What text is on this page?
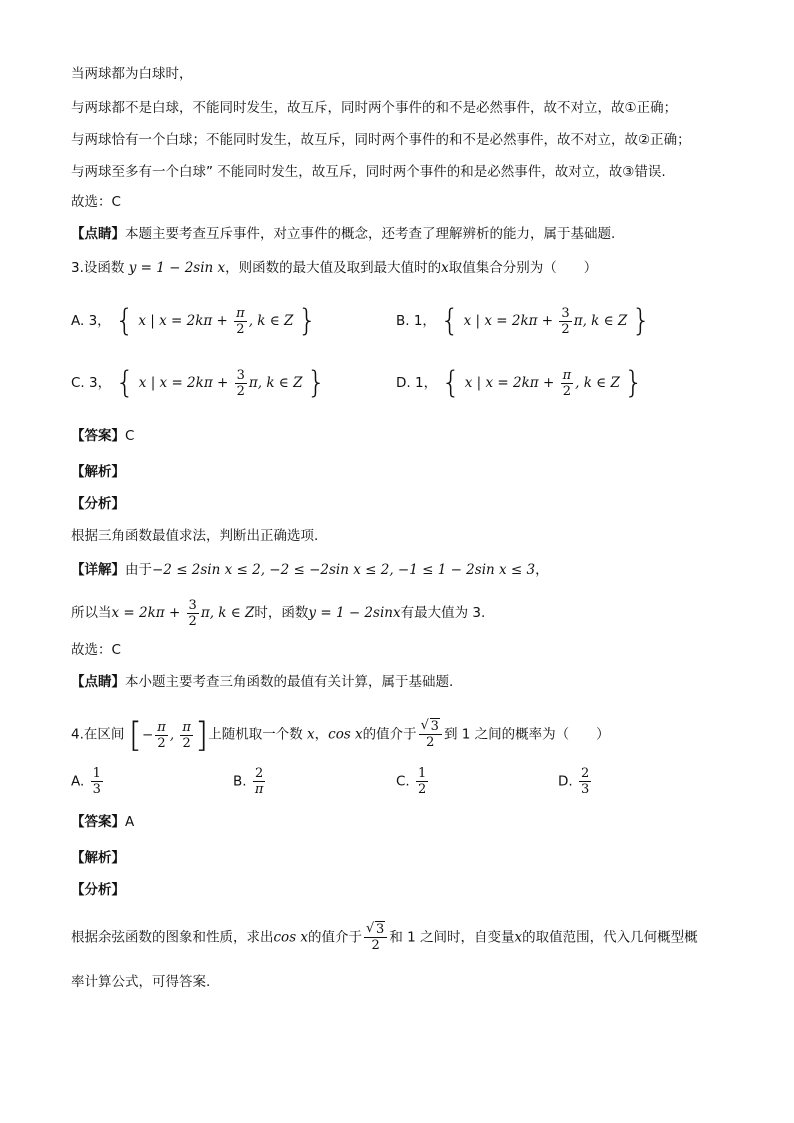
当两球都为白球时，
与两球都不是白球，不能同时发生，故互斥，同时两个事件的和不是必然事件，故不对立，故①正确；
与两球恰有一个白球；不能同时发生，故互斥，同时两个事件的和不是必然事件，故不对立，故②正确；
与两球至多有一个白球” 不能同时发生，故互斥，同时两个事件的和是必然事件，故对立，故③错误.
故选：C
【点睛】本题主要考查互斥事件，对立事件的概念，还考查了理解辨析的能力，属于基础题.
3.设函数 y = 1 − 2sin x，则函数的最大值及取到最大值时的x取值集合分别为（　　）
A. 3， { x | $x = 2k\pi + \frac{\pi}{2}$ , k ∈ Z }	B. 1， { x | $x = 2k\pi + \frac{3}{2} \pi$, k ∈ Z }
C. 3， { x | $x = 2k\pi + \frac{3}{2} \pi$, k ∈ Z }	D. 1， { x | $x = 2k\pi + \frac{\pi}{2}$ , k ∈ Z }
【答案】C
【解析】
【分析】
根据三角函数最值求法，判断出正确选项.
【详解】由于−2 ≤ 2sin x ≤ 2, −2 ≤ −2sin x ≤ 2, −1 ≤ 1 − 2sin x ≤ 3，
所以当$x = 2k\pi + \frac{3}{2} \pi$, k ∈ Z时，函数y = 1 − 2sinx有最大值为 3.
故选：C
【点睛】本小题主要考查三角函数的最值有关计算，属于基础题.
4.在区间 [− $\frac{\pi}{2}$ , $\frac{\pi}{2}$ ]上随机取一个数 x，cos x的值介于 √ $\frac{3}{2}$ 到 1 之间的概率为（　　）
A. $\frac{1}{3}$	B. $\frac{2}{\pi}$	C. $\frac{1}{2}$	D. $\frac{2}{3}$
【答案】A
【解析】
【分析】
根据余弦函数的图象和性质，求出cos x的值介于 √ $\frac{3}{2}$ 和 1 之间时，自变量x的取值范围，代入几何概型概
率计算公式，可得答案.
